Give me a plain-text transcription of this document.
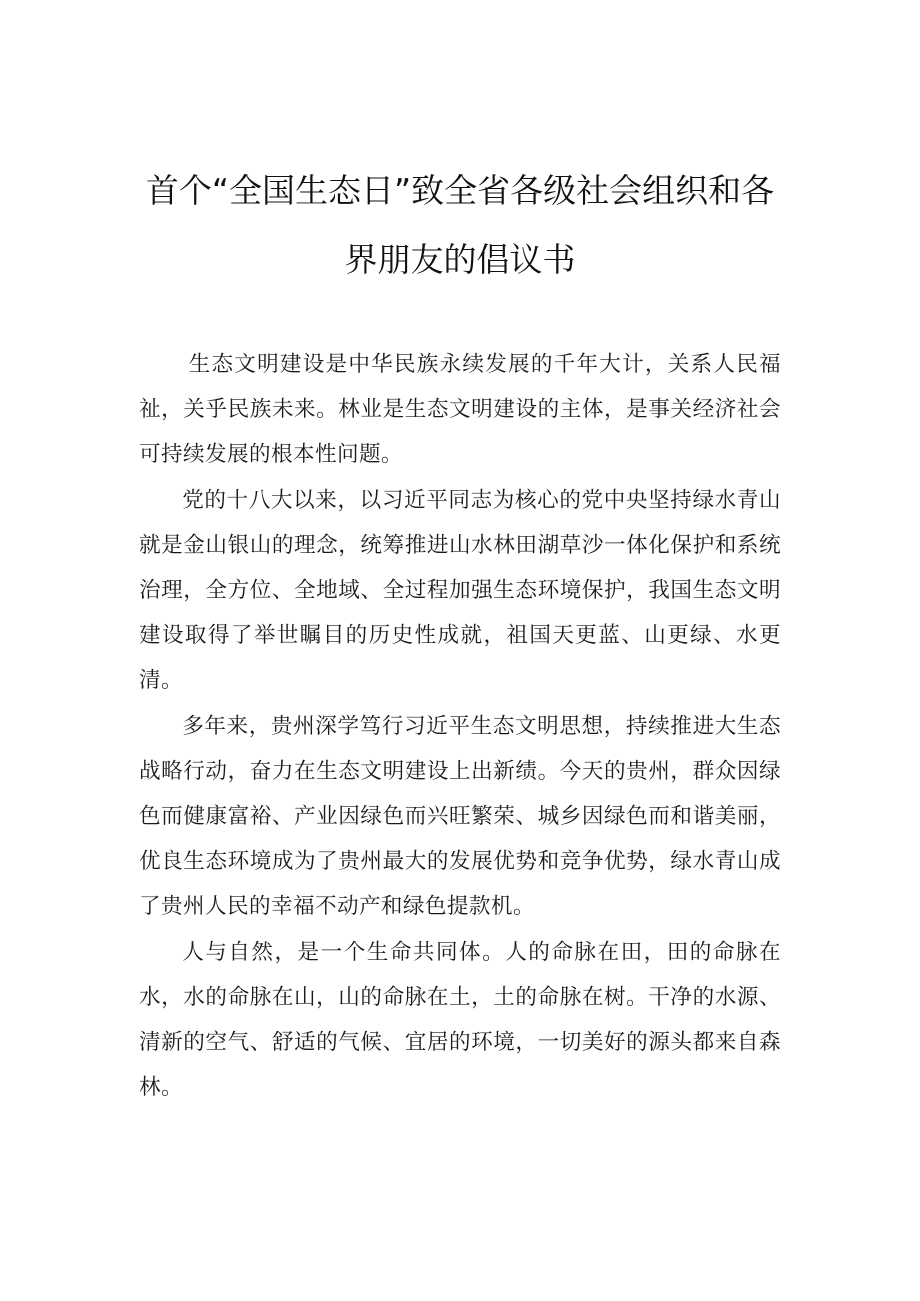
首个“全国生态日”致全省各级社会组织和各
界朋友的倡议书

生态文明建设是中华民族永续发展的千年大计，关系人民福祉，关乎民族未来。林业是生态文明建设的主体，是事关经济社会可持续发展的根本性问题。

党的十八大以来，以习近平同志为核心的党中央坚持绿水青山就是金山银山的理念，统筹推进山水林田湖草沙一体化保护和系统治理，全方位、全地域、全过程加强生态环境保护，我国生态文明建设取得了举世瞩目的历史性成就，祖国天更蓝、山更绿、水更清。

多年来，贵州深学笃行习近平生态文明思想，持续推进大生态战略行动，奋力在生态文明建设上出新绩。今天的贵州，群众因绿色而健康富裕、产业因绿色而兴旺繁荣、城乡因绿色而和谐美丽，优良生态环境成为了贵州最大的发展优势和竞争优势，绿水青山成了贵州人民的幸福不动产和绿色提款机。

人与自然，是一个生命共同体。人的命脉在田，田的命脉在水，水的命脉在山，山的命脉在土，土的命脉在树。干净的水源、清新的空气、舒适的气候、宜居的环境，一切美好的源头都来自森林。
